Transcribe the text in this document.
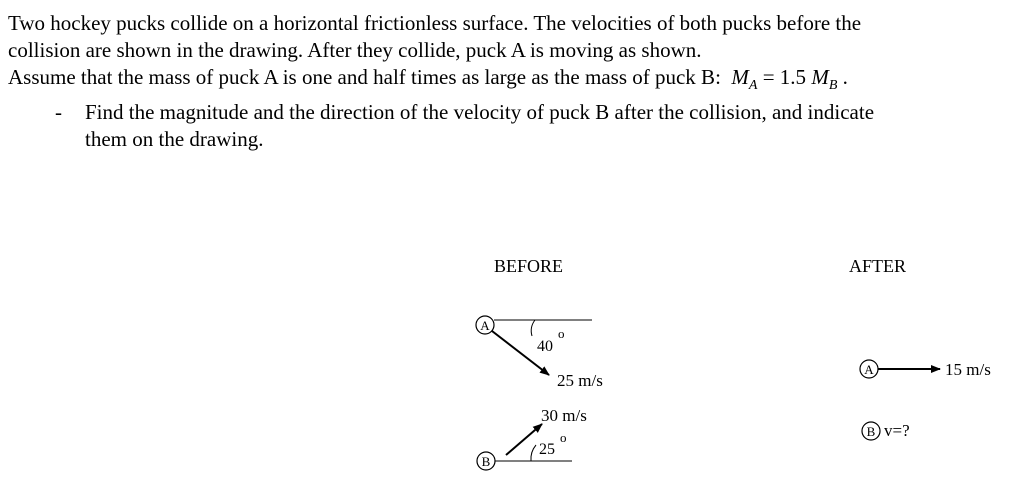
Two hockey pucks collide on a horizontal frictionless surface. The velocities of both pucks before the
collision are shown in the drawing. After they collide, puck A is moving as shown.
Assume that the mass of puck A is one and half times as large as the mass of puck B: $M_A = 1.5$ $M_B$ .
- Find the magnitude and the direction of the velocity of puck B after the collision, and indicate
them on the drawing.
BEFORE	AFTER
A
40
o
25 m/s
B
30 m/s
25
o
A	15 m/s
B v=?
